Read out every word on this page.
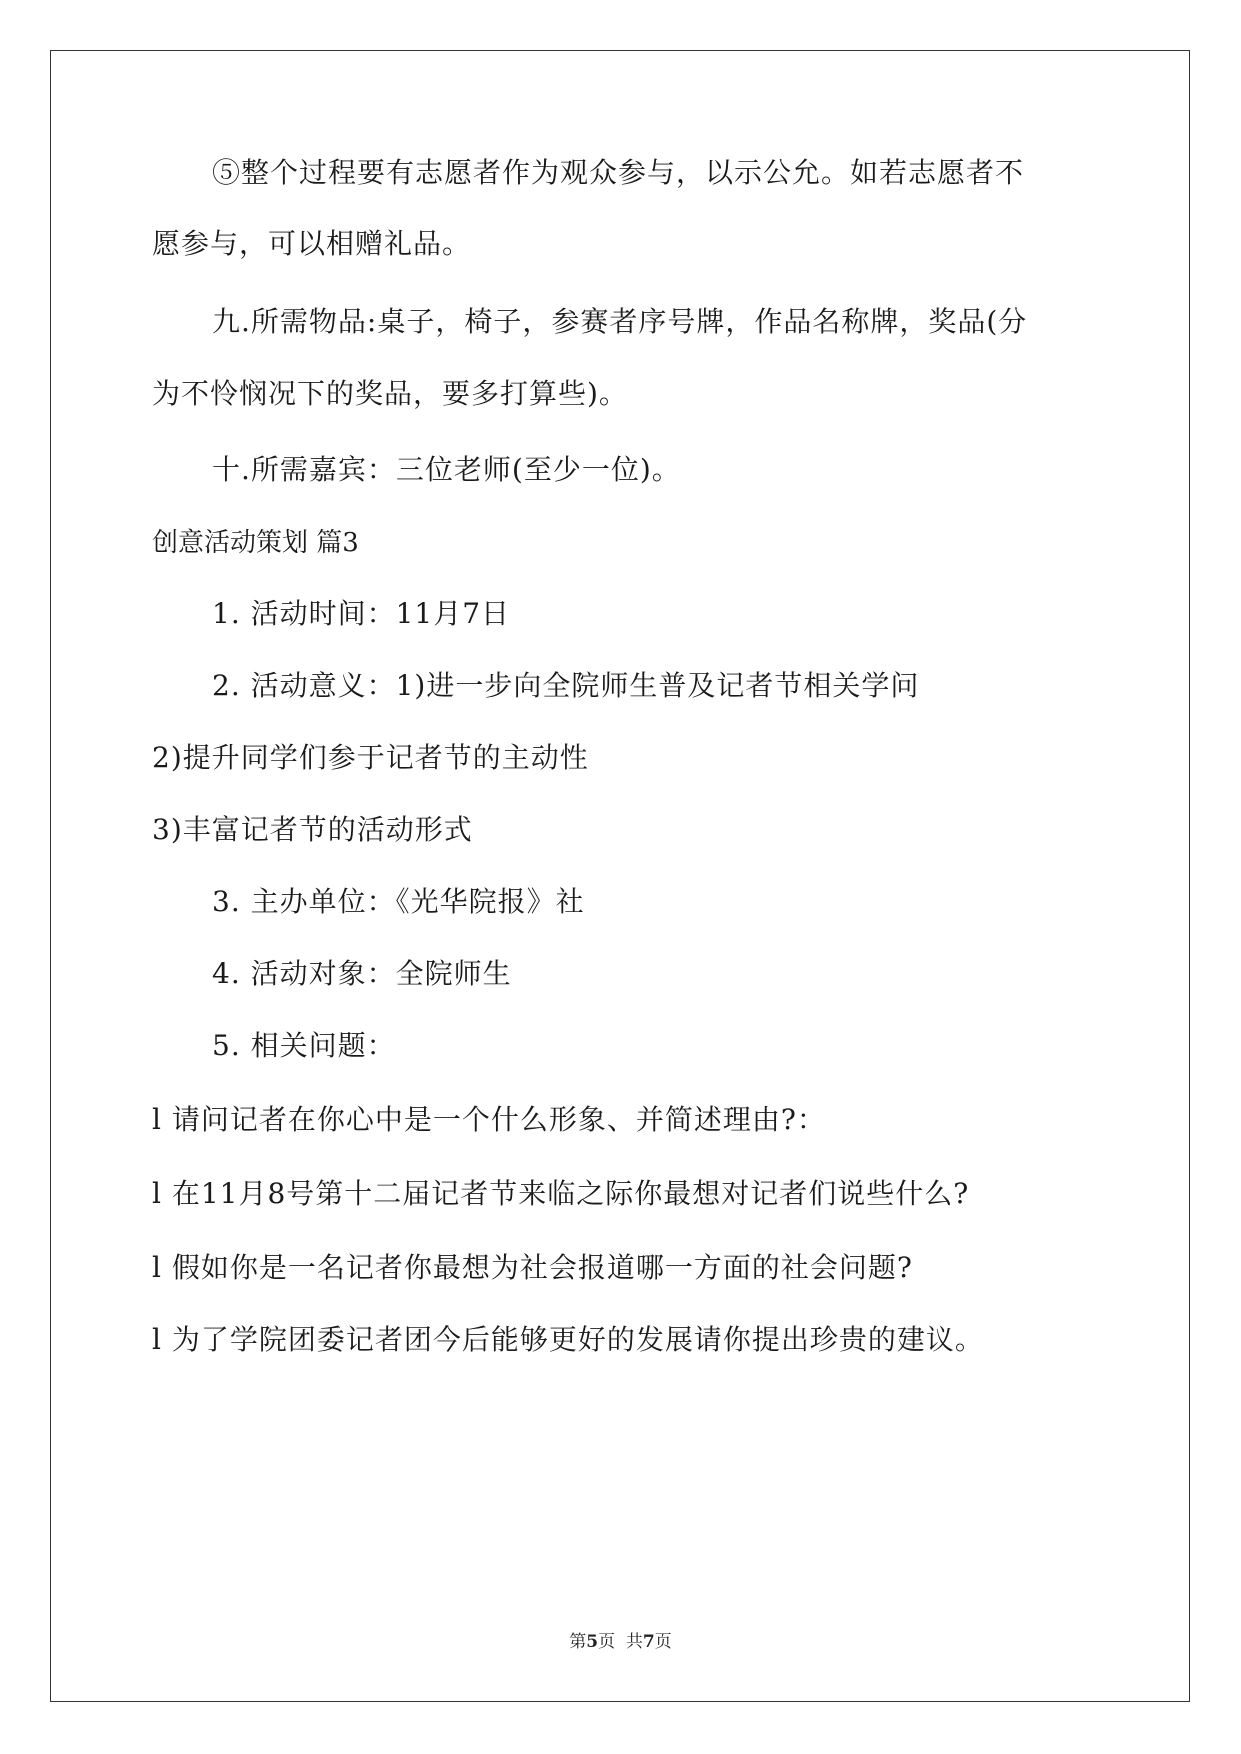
⑤整个过程要有志愿者作为观众参与，以示公允。如若志愿者不
愿参与，可以相赠礼品。
九.所需物品:桌子，椅子，参赛者序号牌，作品名称牌，奖品(分
为不怜悯况下的奖品，要多打算些)。
十.所需嘉宾：三位老师(至少一位)。
创意活动策划 篇3
1. 活动时间：11月7日
2. 活动意义：1)进一步向全院师生普及记者节相关学问
2)提升同学们参于记者节的主动性
3)丰富记者节的活动形式
3. 主办单位：《光华院报》社
4. 活动对象：全院师生
5. 相关问题：
l 请问记者在你心中是一个什么形象、并简述理由?：
l 在11月8号第十二届记者节来临之际你最想对记者们说些什么?
l 假如你是一名记者你最想为社会报道哪一方面的社会问题?
l 为了学院团委记者团今后能够更好的发展请你提出珍贵的建议。
第5页  共7页
